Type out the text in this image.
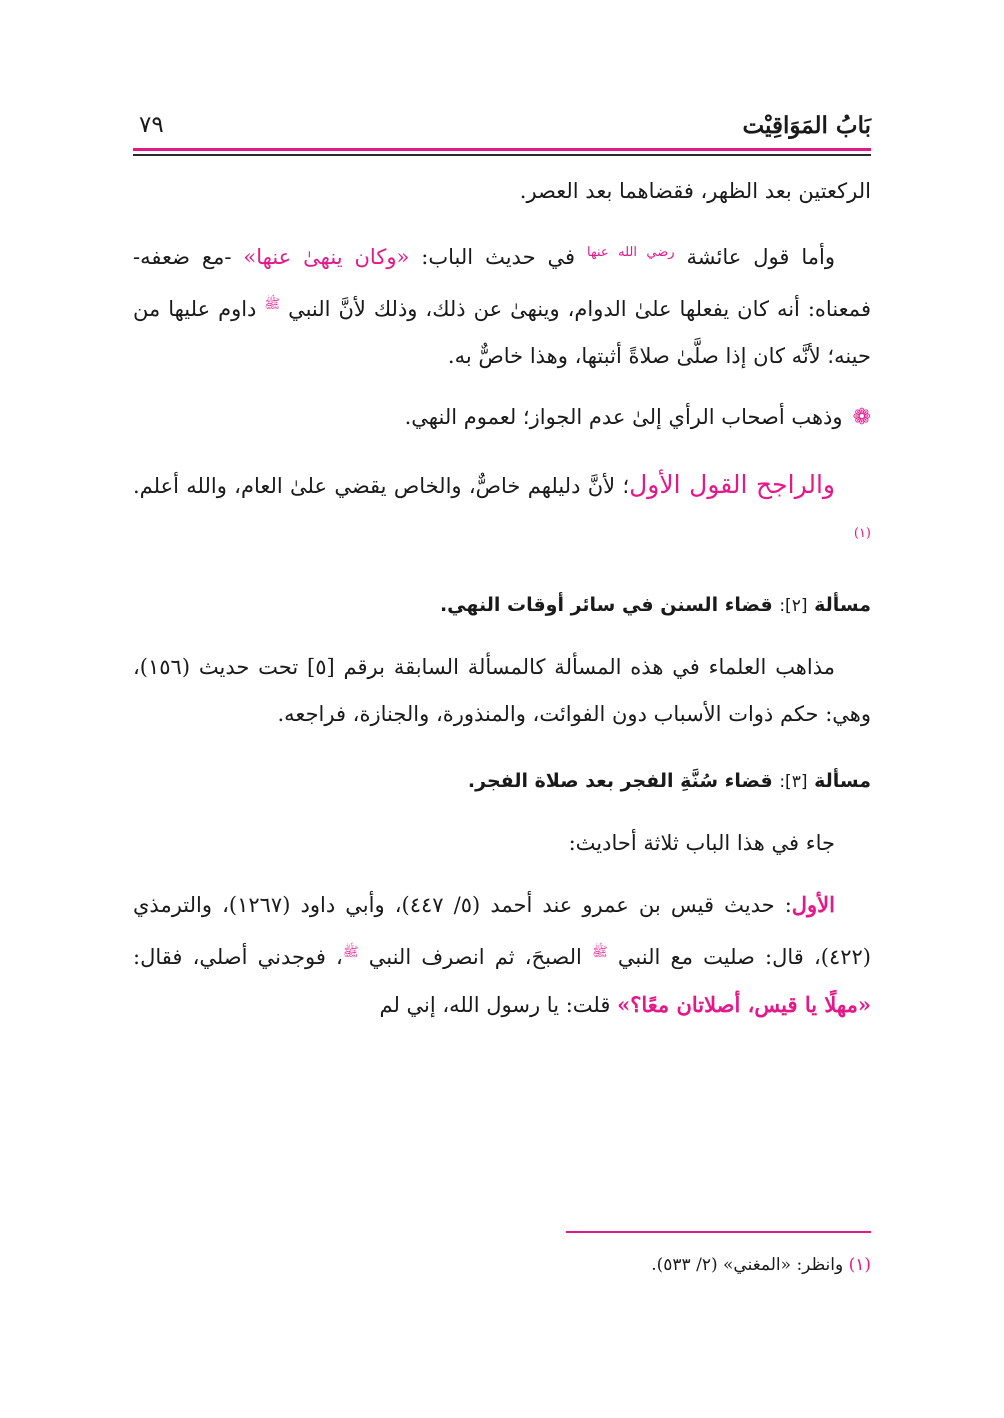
بَابُ المَوَاقِيْت
٧٩

الركعتين بعد الظهر، فقضاهما بعد العصر.

وأما قول عائشة $^{رضي الله عنها}$ في حديث الباب: «وكان ينهىٰ عنها» -مع ضعفه- فمعناه: أنه كان يفعلها علىٰ الدوام، وينهىٰ عن ذلك، وذلك لأنَّ النبي $^ﷺ$ داوم عليها من حينه؛ لأنَّه كان إذا صلَّىٰ صلاةً أثبتها، وهذا خاصٌّ به.

❁وذهب أصحاب الرأي إلىٰ عدم الجواز؛ لعموم النهي.

والراجح القول الأول؛ لأنَّ دليلهم خاصٌّ، والخاص يقضي علىٰ العام، والله أعلم.$^{(١)}$

مسألة [٢]: قضاء السنن في سائر أوقات النهي.

مذاهب العلماء في هذه المسألة كالمسألة السابقة برقم [٥] تحت حديث (١٥٦)، وهي: حكم ذوات الأسباب دون الفوائت، والمنذورة، والجنازة، فراجعه.

مسألة [٣]: قضاء سُنَّةِ الفجر بعد صلاة الفجر.

جاء في هذا الباب ثلاثة أحاديث:

الأول: حديث قيس بن عمرو عند أحمد (٥/ ٤٤٧)، وأبي داود (١٢٦٧)، والترمذي (٤٢٢)، قال: صليت مع النبي $^ﷺ$ الصبحَ، ثم انصرف النبي $^ﷺ$، فوجدني أصلي، فقال: «مهلًا يا قيس، أصلاتان معًا؟» قلت: يا رسول الله، إني لم

(١) وانظر: «المغني» (٢/ ٥٣٣).
